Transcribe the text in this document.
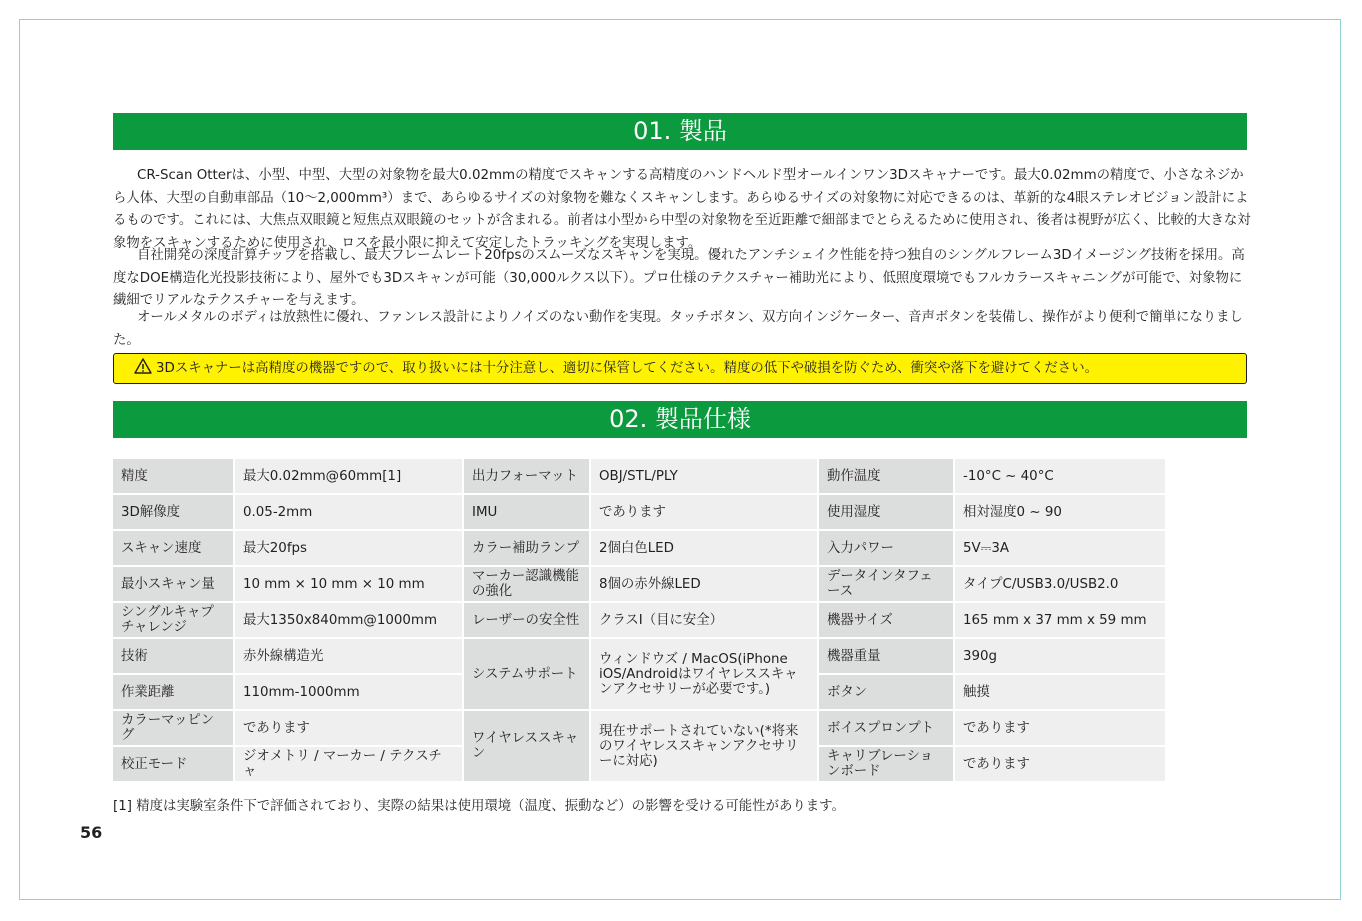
01. 製品

CR-Scan Otterは、小型、中型、大型の対象物を最大0.02mmの精度でスキャンする高精度のハンドヘルド型オールインワン3Dスキャナーです。最大0.02mmの精度で、小さなネジから人体、大型の自動車部品（10～2,000mm³）まで、あらゆるサイズの対象物を難なくスキャンします。あらゆるサイズの対象物に対応できるのは、革新的な4眼ステレオビジョン設計によるものです。これには、大焦点双眼鏡と短焦点双眼鏡のセットが含まれる。前者は小型から中型の対象物を至近距離で細部までとらえるために使用され、後者は視野が広く、比較的大きな対象物をスキャンするために使用され、ロスを最小限に抑えて安定したトラッキングを実現します。

自社開発の深度計算チップを搭載し、最大フレームレート20fpsのスムーズなスキャンを実現。優れたアンチシェイク性能を持つ独自のシングルフレーム3Dイメージング技術を採用。高度なDOE構造化光投影技術により、屋外でも3Dスキャンが可能（30,000ルクス以下）。プロ仕様のテクスチャー補助光により、低照度環境でもフルカラースキャニングが可能で、対象物に繊細でリアルなテクスチャーを与えます。

オールメタルのボディは放熱性に優れ、ファンレス設計によりノイズのない動作を実現。タッチボタン、双方向インジケーター、音声ボタンを装備し、操作がより便利で簡単になりました。

3Dスキャナーは高精度の機器ですので、取り扱いには十分注意し、適切に保管してください。精度の低下や破損を防ぐため、衝突や落下を避けてください。
02. 製品仕様
精度	最大0.02mm@60mm[1]	出力フォーマット	OBJ/STL/PLY	動作温度	-10°C ~ 40°C
3D解像度	0.05-2mm	IMU	であります	使用湿度	相対湿度0 ~ 90
スキャン速度	最大20fps	カラー補助ランプ	2個白色LED	入力パワー	5V⎓3A
最小スキャン量	10 mm × 10 mm × 10 mm	マーカー認識機能の強化	8個の赤外線LED	データインタフェース	タイプC/USB3.0/USB2.0
シングルキャプチャレンジ	最大1350x840mm@1000mm	レーザーの安全性	クラスI（目に安全）	機器サイズ	165 mm x 37 mm x 59 mm
技術	赤外線構造光	システムサポート	ウィンドウズ / MacOS(iPhone iOS/Androidはワイヤレススキャンアクセサリーが必要です。)	機器重量	390g
作業距離	110mm-1000mm			ボタン	触摸
カラーマッピング	であります	ワイヤレススキャン	現在サポートされていない(*将来のワイヤレススキャンアクセサリーに対応)	ボイスプロンプト	であります
校正モード	ジオメトリ / マーカー / テクスチャ			キャリブレーションボード	であります
[1] 精度は実験室条件下で評価されており、実際の結果は使用環境（温度、振動など）の影響を受ける可能性があります。
56
